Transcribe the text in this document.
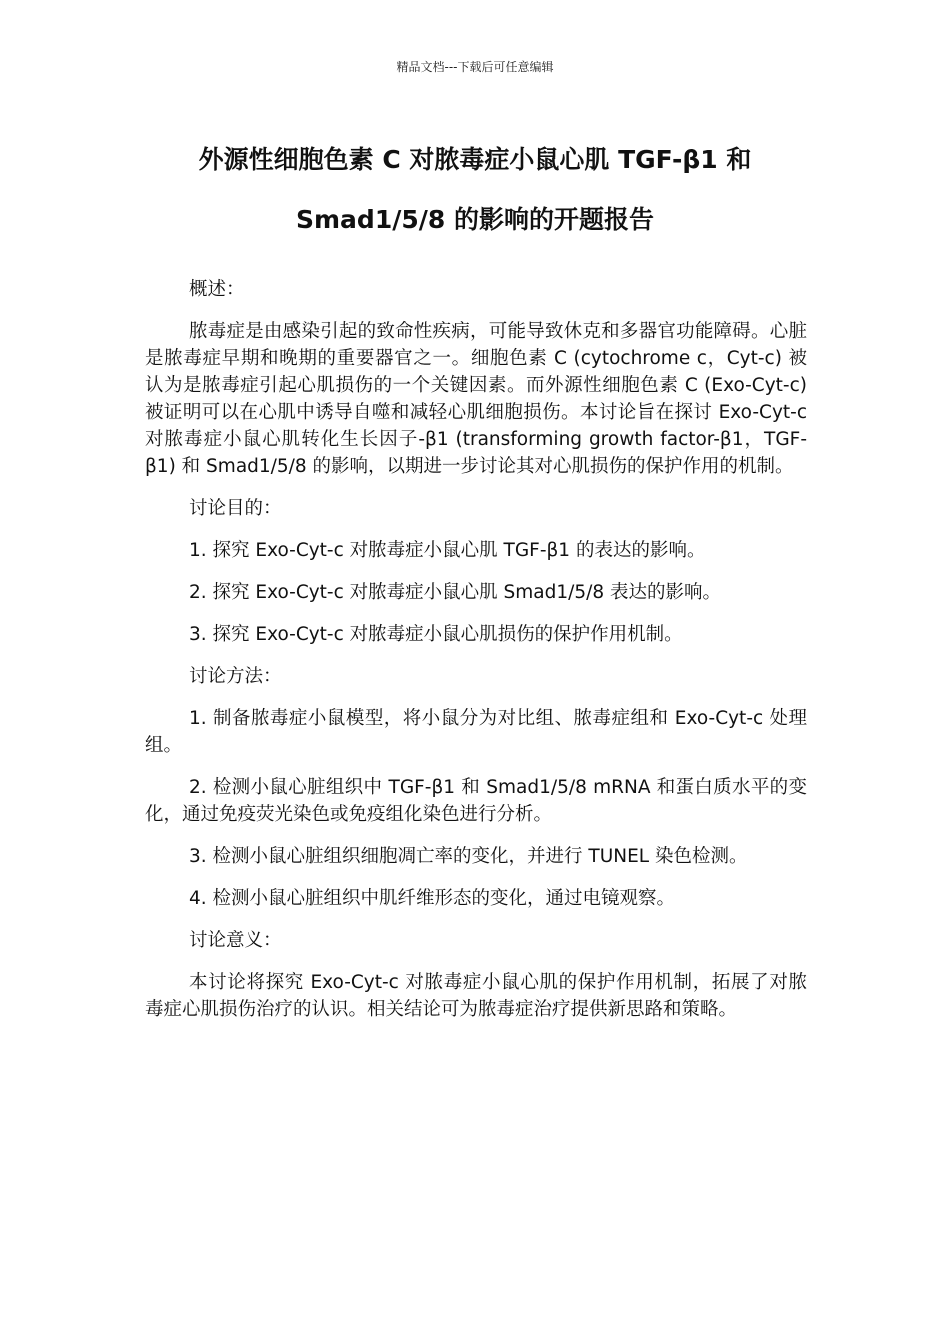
精品文档---下载后可任意编辑
外源性细胞色素 C 对脓毒症小鼠心肌 TGF-β1 和
Smad1/5/8 的影响的开题报告

概述：

脓毒症是由感染引起的致命性疾病，可能导致休克和多器官功能障碍。心脏是脓毒症早期和晚期的重要器官之一。细胞色素 C (cytochrome c，Cyt-c) 被认为是脓毒症引起心肌损伤的一个关键因素。而外源性细胞色素 C (Exo-Cyt-c)被证明可以在心肌中诱导自噬和减轻心肌细胞损伤。本讨论旨在探讨 Exo-Cyt-c 对脓毒症小鼠心肌转化生长因子-β1 (transforming growth factor-β1，TGF-β1) 和 Smad1/5/8 的影响，以期进一步讨论其对心肌损伤的保护作用的机制。

讨论目的：

1. 探究 Exo-Cyt-c 对脓毒症小鼠心肌 TGF-β1 的表达的影响。

2. 探究 Exo-Cyt-c 对脓毒症小鼠心肌 Smad1/5/8 表达的影响。

3. 探究 Exo-Cyt-c 对脓毒症小鼠心肌损伤的保护作用机制。

讨论方法：

1. 制备脓毒症小鼠模型，将小鼠分为对比组、脓毒症组和 Exo-Cyt-c 处理组。

2. 检测小鼠心脏组织中 TGF-β1 和 Smad1/5/8 mRNA 和蛋白质水平的变化，通过免疫荧光染色或免疫组化染色进行分析。

3. 检测小鼠心脏组织细胞凋亡率的变化，并进行 TUNEL 染色检测。

4. 检测小鼠心脏组织中肌纤维形态的变化，通过电镜观察。

讨论意义：

本讨论将探究 Exo-Cyt-c 对脓毒症小鼠心肌的保护作用机制，拓展了对脓毒症心肌损伤治疗的认识。相关结论可为脓毒症治疗提供新思路和策略。
